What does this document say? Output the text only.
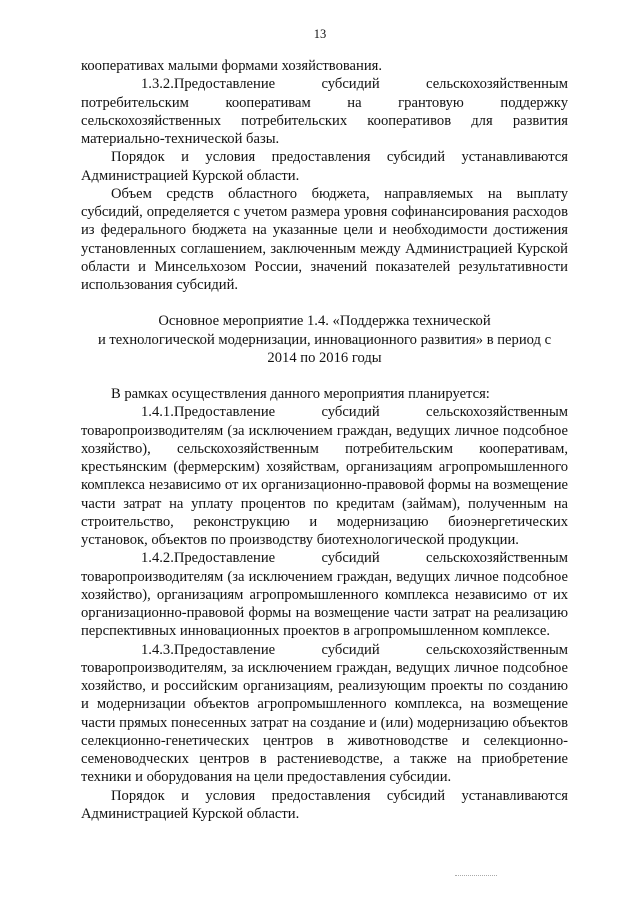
13

кооперативах малыми формами хозяйствования.

1.3.2.Предоставление субсидий сельскохозяйственным

потребительским кооперативам на грантовую поддержку сельскохозяйственных потребительских кооперативов для развития материально-технической базы.

Порядок и условия предоставления субсидий устанавливаются Администрацией Курской области.

Объем средств областного бюджета, направляемых на выплату субсидий, определяется с учетом размера уровня софинансирования расходов из федерального бюджета на указанные цели и необходимости достижения установленных соглашением, заключенным между Администрацией Курской области и Минсельхозом России, значений показателей результативности использования субсидий.

Основное мероприятие 1.4. «Поддержка технической

и технологической модернизации, инновационного развития» в период с

2014 по 2016 годы

В рамках осуществления данного мероприятия планируется:

1.4.1.Предоставление субсидий сельскохозяйственным

товаропроизводителям (за исключением граждан, ведущих личное подсобное хозяйство), сельскохозяйственным потребительским кооперативам, крестьянским (фермерским) хозяйствам, организациям агропромышленного комплекса независимо от их организационно-правовой формы на возмещение части затрат на уплату процентов по кредитам (займам), полученным на строительство, реконструкцию и модернизацию биоэнергетических установок, объектов по производству биотехнологической продукции.

1.4.2.Предоставление субсидий сельскохозяйственным

товаропроизводителям (за исключением граждан, ведущих личное подсобное хозяйство), организациям агропромышленного комплекса независимо от их организационно-правовой формы на возмещение части затрат на реализацию перспективных инновационных проектов в агропромышленном комплексе.

1.4.3.Предоставление субсидий сельскохозяйственным

товаропроизводителям, за исключением граждан, ведущих личное подсобное хозяйство, и российским организациям, реализующим проекты по созданию и модернизации объектов агропромышленного комплекса, на возмещение части прямых понесенных затрат на создание и (или) модернизацию объектов селекционно-генетических центров в животноводстве и селекционно-семеноводческих центров в растениеводстве, а также на приобретение техники и оборудования на цели предоставления субсидии.

Порядок и условия предоставления субсидий устанавливаются Администрацией Курской области.
